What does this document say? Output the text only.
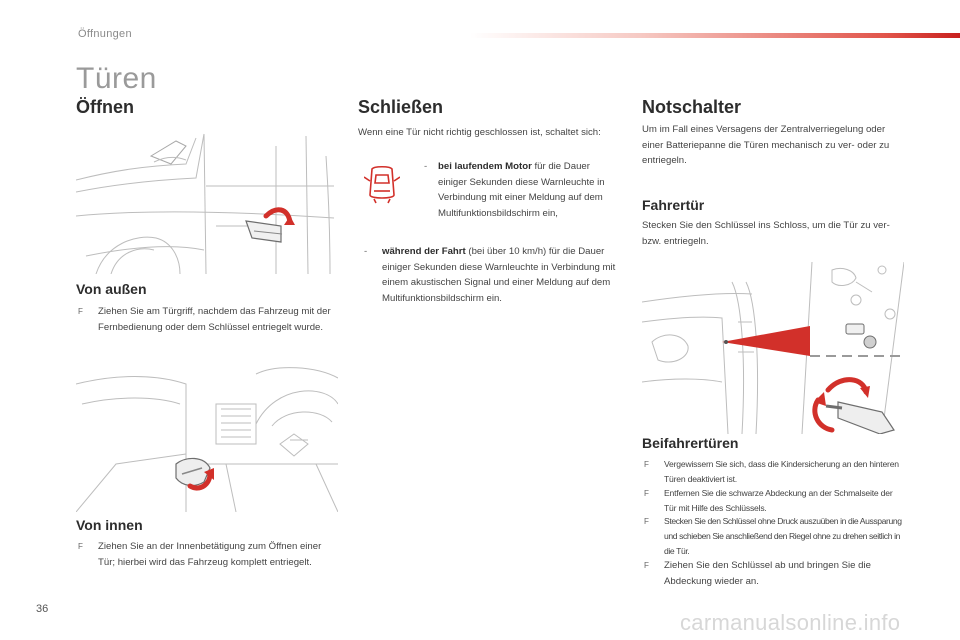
Öffnungen
Türen
Öffnen
Von außen
F Ziehen Sie am Türgriff, nachdem das Fahrzeug mit der Fernbedienung oder dem Schlüssel entriegelt wurde.
Von innen
F Ziehen Sie an der Innenbetätigung zum Öffnen einer Tür; hierbei wird das Fahrzeug komplett entriegelt.
Schließen
Wenn eine Tür nicht richtig geschlossen ist, schaltet sich:
- bei laufendem Motor für die Dauer einiger Sekunden diese Warnleuchte in Verbindung mit einer Meldung auf dem Multifunktionsbildschirm ein,
- während der Fahrt (bei über 10 km/h) für die Dauer einiger Sekunden diese Warnleuchte in Verbindung mit einem akustischen Signal und einer Meldung auf dem Multifunktionsbildschirm ein.
Notschalter
Um im Fall eines Versagens der Zentralverriegelung oder einer Batteriepanne die Türen mechanisch zu ver- oder zu entriegeln.
Fahrertür
Stecken Sie den Schlüssel ins Schloss, um die Tür zu ver- bzw. entriegeln.
Beifahrertüren
F Vergewissern Sie sich, dass die Kindersicherung an den hinteren Türen deaktiviert ist.
F Entfernen Sie die schwarze Abdeckung an der Schmalseite der Tür mit Hilfe des Schlüssels.
F Stecken Sie den Schlüssel ohne Druck auszuüben in die Aussparung und schieben Sie anschließend den Riegel ohne zu drehen seitlich in die Tür.
F Ziehen Sie den Schlüssel ab und bringen Sie die Abdeckung wieder an.
36
carmanualsonline.info
